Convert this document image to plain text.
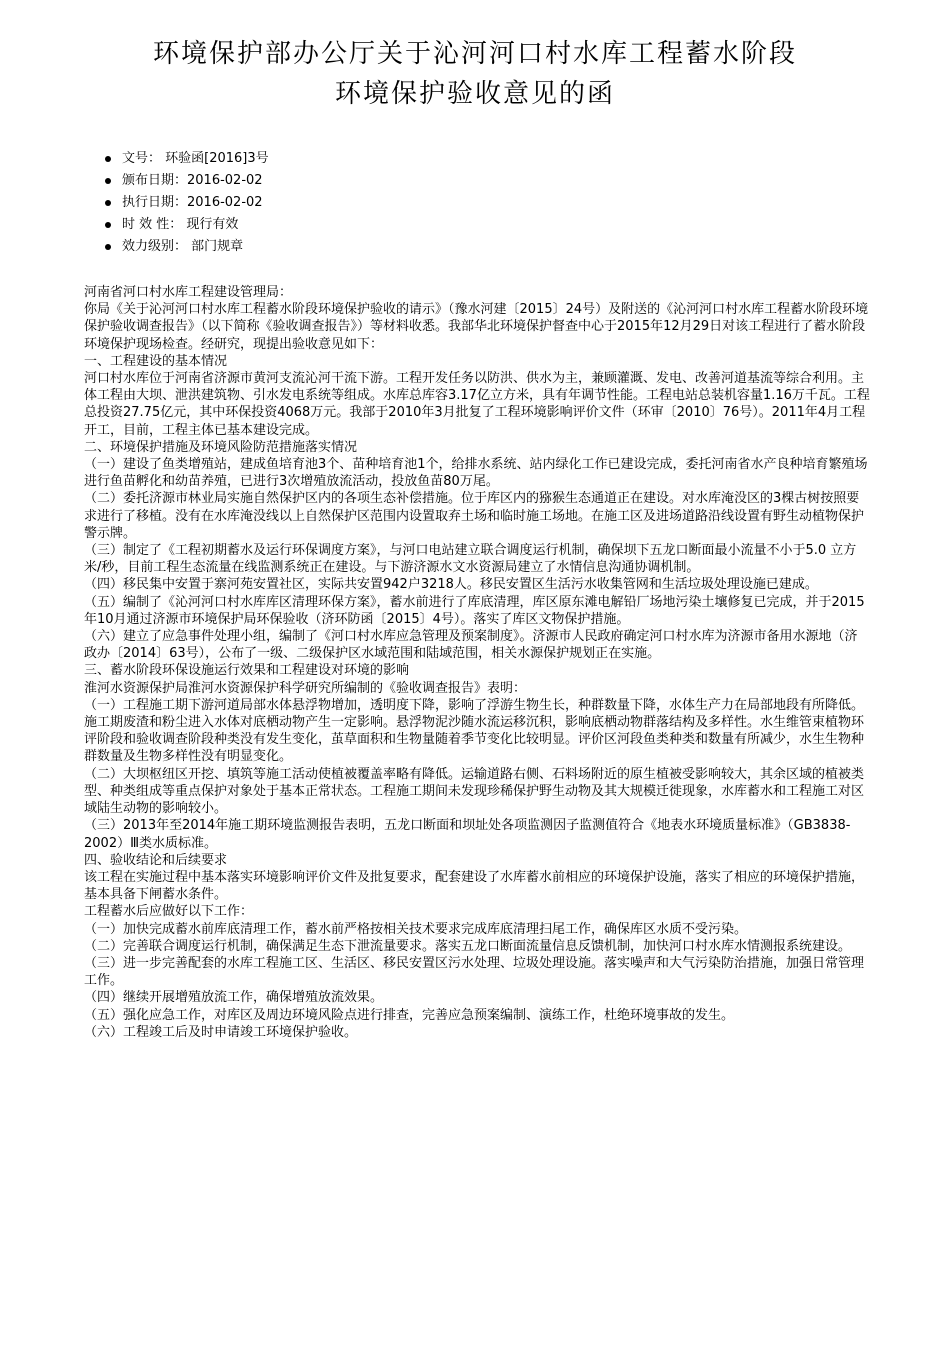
环境保护部办公厅关于沁河河口村水库工程蓄水阶段
环境保护验收意见的函
文号： 环验函[2016]3号
颁布日期：2016-02-02
执行日期：2016-02-02
时 效 性： 现行有效
效力级别： 部门规章

河南省河口村水库工程建设管理局：

你局《关于沁河河口村水库工程蓄水阶段环境保护验收的请示》（豫水河建〔2015〕24号）及附送的《沁河河口村水库工程蓄水阶段环境保护验收调查报告》（以下简称《验收调查报告》）等材料收悉。我部华北环境保护督查中心于2015年12月29日对该工程进行了蓄水阶段环境保护现场检查。经研究，现提出验收意见如下：

一、工程建设的基本情况

河口村水库位于河南省济源市黄河支流沁河干流下游。工程开发任务以防洪、供水为主，兼顾灌溉、发电、改善河道基流等综合利用。主体工程由大坝、泄洪建筑物、引水发电系统等组成。水库总库容3.17亿立方米，具有年调节性能。工程电站总装机容量1.16万千瓦。工程总投资27.75亿元，其中环保投资4068万元。我部于2010年3月批复了工程环境影响评价文件（环审〔2010〕76号）。2011年4月工程开工，目前，工程主体已基本建设完成。

二、环境保护措施及环境风险防范措施落实情况

（一）建设了鱼类增殖站，建成鱼培育池3个、苗种培育池1个，给排水系统、站内绿化工作已建设完成，委托河南省水产良种培育繁殖场进行鱼苗孵化和幼苗养殖，已进行3次增殖放流活动，投放鱼苗80万尾。

（二）委托济源市林业局实施自然保护区内的各项生态补偿措施。位于库区内的猕猴生态通道正在建设。对水库淹没区的3棵古树按照要求进行了移植。没有在水库淹没线以上自然保护区范围内设置取弃土场和临时施工场地。在施工区及进场道路沿线设置有野生动植物保护警示牌。

（三）制定了《工程初期蓄水及运行环保调度方案》，与河口电站建立联合调度运行机制，确保坝下五龙口断面最小流量不小于5.0 立方米/秒，目前工程生态流量在线监测系统正在建设。与下游济源水文水资源局建立了水情信息沟通协调机制。

（四）移民集中安置于寨河苑安置社区，实际共安置942户3218人。移民安置区生活污水收集管网和生活垃圾处理设施已建成。

（五）编制了《沁河河口村水库库区清理环保方案》，蓄水前进行了库底清理，库区原东滩电解铅厂场地污染土壤修复已完成，并于2015年10月通过济源市环境保护局环保验收（济环防函〔2015〕4号）。落实了库区文物保护措施。

（六）建立了应急事件处理小组，编制了《河口村水库应急管理及预案制度》。济源市人民政府确定河口村水库为济源市备用水源地（济政办〔2014〕63号），公布了一级、二级保护区水域范围和陆域范围，相关水源保护规划正在实施。

三、蓄水阶段环保设施运行效果和工程建设对环境的影响

淮河水资源保护局淮河水资源保护科学研究所编制的《验收调查报告》表明：

（一）工程施工期下游河道局部水体悬浮物增加，透明度下降，影响了浮游生物生长，种群数量下降，水体生产力在局部地段有所降低。施工期废渣和粉尘进入水体对底栖动物产生一定影响。悬浮物泥沙随水流运移沉积，影响底栖动物群落结构及多样性。水生维管束植物环评阶段和验收调查阶段种类没有发生变化，茧草面积和生物量随着季节变化比较明显。评价区河段鱼类种类和数量有所减少，水生生物种群数量及生物多样性没有明显变化。

（二）大坝枢纽区开挖、填筑等施工活动使植被覆盖率略有降低。运输道路右侧、石料场附近的原生植被受影响较大，其余区域的植被类型、种类组成等重点保护对象处于基本正常状态。工程施工期间未发现珍稀保护野生动物及其大规模迁徙现象，水库蓄水和工程施工对区域陆生动物的影响较小。

（三）2013年至2014年施工期环境监测报告表明，五龙口断面和坝址处各项监测因子监测值符合《地表水环境质量标准》（GB3838-2002）Ⅲ类水质标准。

四、验收结论和后续要求

该工程在实施过程中基本落实环境影响评价文件及批复要求，配套建设了水库蓄水前相应的环境保护设施，落实了相应的环境保护措施，基本具备下闸蓄水条件。

工程蓄水后应做好以下工作：

（一）加快完成蓄水前库底清理工作，蓄水前严格按相关技术要求完成库底清理扫尾工作，确保库区水质不受污染。

（二）完善联合调度运行机制，确保满足生态下泄流量要求。落实五龙口断面流量信息反馈机制，加快河口村水库水情测报系统建设。

（三）进一步完善配套的水库工程施工区、生活区、移民安置区污水处理、垃圾处理设施。落实噪声和大气污染防治措施，加强日常管理工作。

（四）继续开展增殖放流工作，确保增殖放流效果。

（五）强化应急工作，对库区及周边环境风险点进行排查，完善应急预案编制、演练工作，杜绝环境事故的发生。

（六）工程竣工后及时申请竣工环境保护验收。
